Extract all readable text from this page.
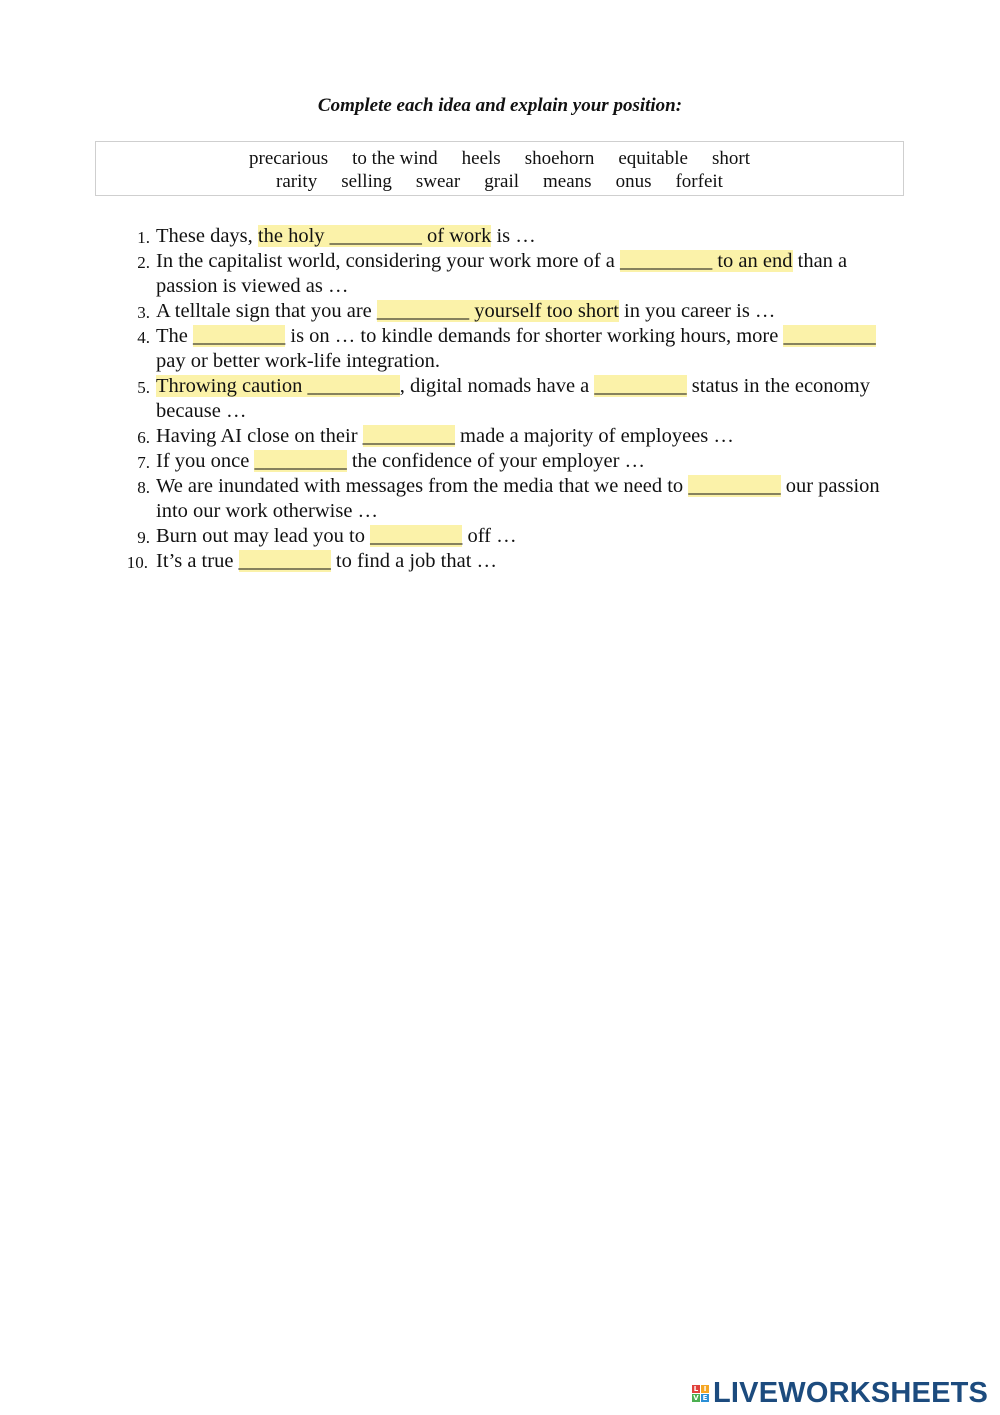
Complete each idea and explain your position:
precarious to the wind heels shoehorn equitable short
rarity selling swear grail means onus forfeit
1. These days, the holy _________ of work is …
2. In the capitalist world, considering your work more of a _________ to an end than a passion is viewed as …
3. A telltale sign that you are _________ yourself too short in you career is …
4. The _________ is on … to kindle demands for shorter working hours, more _________ pay or better work-life integration.
5. Throwing caution _________, digital nomads have a _________ status in the economy because …
6. Having AI close on their _________ made a majority of employees …
7. If you once _________ the confidence of your employer …
8. We are inundated with messages from the media that we need to _________ our passion into our work otherwise …
9. Burn out may lead you to _________ off …
10. It’s a true _________ to find a job that …
L I
V E LIVEWORKSHEETS
